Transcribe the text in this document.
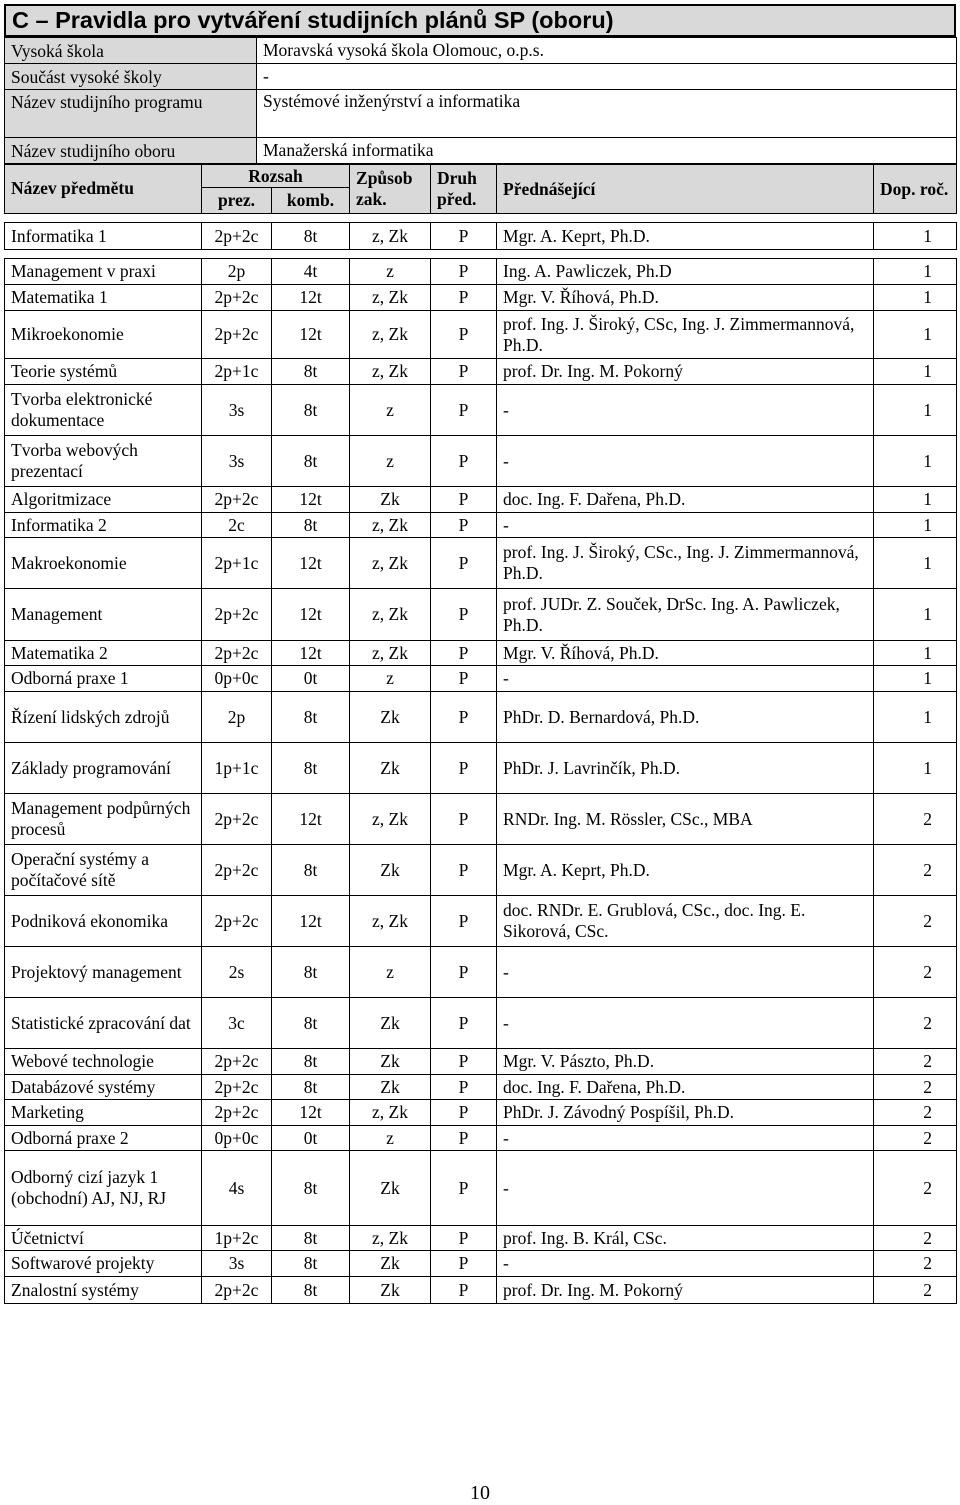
C – Pravidla pro vytváření studijních plánů SP (oboru)
Vysoká škola	Moravská vysoká škola Olomouc, o.p.s.
Součást vysoké školy	-
Název studijního programu	Systémové inženýrství a informatika
Název studijního oboru	Manažerská informatika
Název předmětu	Rozsah		Způsob zak.	Druh před.	Přednášející	Dop. roč.
	prez.	komb.				

Informatika 1	2p+2c	8t	z, Zk	P	Mgr. A. Keprt, Ph.D.	1

Management v praxi	2p	4t	z	P	Ing. A. Pawliczek, Ph.D	1
Matematika 1	2p+2c	12t	z, Zk	P	Mgr. V. Říhová, Ph.D.	1
Mikroekonomie	2p+2c	12t	z, Zk	P	prof. Ing. J. Široký, CSc, Ing. J. Zimmermannová, Ph.D.	1
Teorie systémů	2p+1c	8t	z, Zk	P	prof. Dr. Ing. M. Pokorný	1
Tvorba elektronické dokumentace	3s	8t	z	P	-	1
Tvorba webových prezentací	3s	8t	z	P	-	1
Algoritmizace	2p+2c	12t	Zk	P	doc. Ing. F. Dařena, Ph.D.	1
Informatika 2	2c	8t	z, Zk	P	-	1
Makroekonomie	2p+1c	12t	z, Zk	P	prof. Ing. J. Široký, CSc., Ing. J. Zimmermannová, Ph.D.	1
Management	2p+2c	12t	z, Zk	P	prof. JUDr. Z. Souček, DrSc. Ing. A. Pawliczek, Ph.D.	1
Matematika 2	2p+2c	12t	z, Zk	P	Mgr. V. Říhová, Ph.D.	1
Odborná praxe 1	0p+0c	0t	z	P	-	1
Řízení lidských zdrojů	2p	8t	Zk	P	PhDr. D. Bernardová, Ph.D.	1
Základy programování	1p+1c	8t	Zk	P	PhDr. J. Lavrinčík, Ph.D.	1
Management podpůrných procesů	2p+2c	12t	z, Zk	P	RNDr. Ing. M. Rössler, CSc., MBA	2
Operační systémy a počítačové sítě	2p+2c	8t	Zk	P	Mgr. A. Keprt, Ph.D.	2
Podniková ekonomika	2p+2c	12t	z, Zk	P	doc. RNDr. E. Grublová, CSc., doc. Ing. E. Sikorová, CSc.	2
Projektový management	2s	8t	z	P	-	2
Statistické zpracování dat	3c	8t	Zk	P	-	2
Webové technologie	2p+2c	8t	Zk	P	Mgr. V. Pászto, Ph.D.	2
Databázové systémy	2p+2c	8t	Zk	P	doc. Ing. F. Dařena, Ph.D.	2
Marketing	2p+2c	12t	z, Zk	P	PhDr. J. Závodný Pospíšil, Ph.D.	2
Odborná praxe 2	0p+0c	0t	z	P	-	2
Odborný cizí jazyk 1 (obchodní) AJ, NJ, RJ	4s	8t	Zk	P	-	2
Účetnictví	1p+2c	8t	z, Zk	P	prof. Ing. B. Král, CSc.	2
Softwarové projekty	3s	8t	Zk	P	-	2
Znalostní systémy	2p+2c	8t	Zk	P	prof. Dr. Ing. M. Pokorný	2
10
